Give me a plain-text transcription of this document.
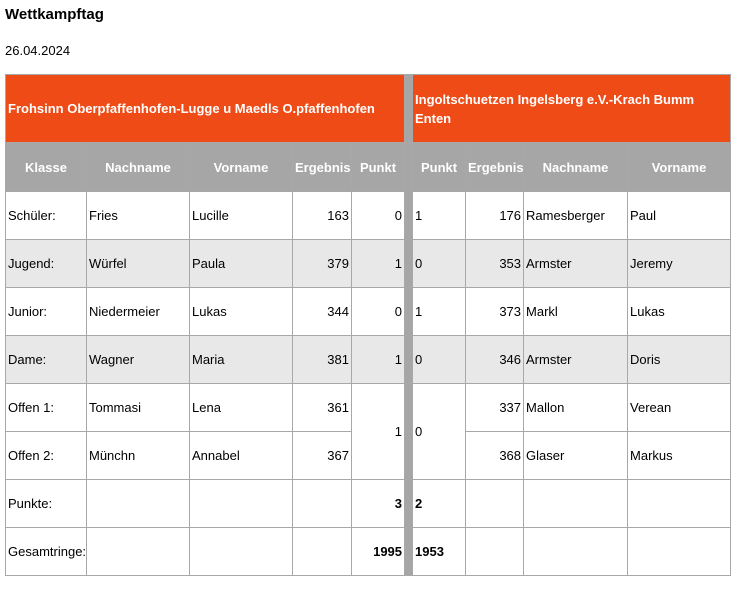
Wettkampftag
26.04.2024
Frohsinn Oberpfaffenhofen-Lugge u Maedls O.pfaffenhofen						Ingoltschuetzen Ingelsberg e.V.-Krach Bumm Enten			
Klasse	Nachname	Vorname	Ergebnis	Punkt		Punkt	Ergebnis	Nachname	Vorname
Schüler:	Fries	Lucille	163	0		1	176	Ramesberger	Paul
Jugend:	Würfel	Paula	379	1		0	353	Armster	Jeremy
Junior:	Niedermeier	Lukas	344	0		1	373	Markl	Lukas
Dame:	Wagner	Maria	381	1		0	346	Armster	Doris
Offen 1:	Tommasi	Lena	361	1		0	337	Mallon	Verean
Offen 2:	Münchn	Annabel	367				368	Glaser	Markus
Punkte:				3		2			
Gesamtringe:				1995		1953			
